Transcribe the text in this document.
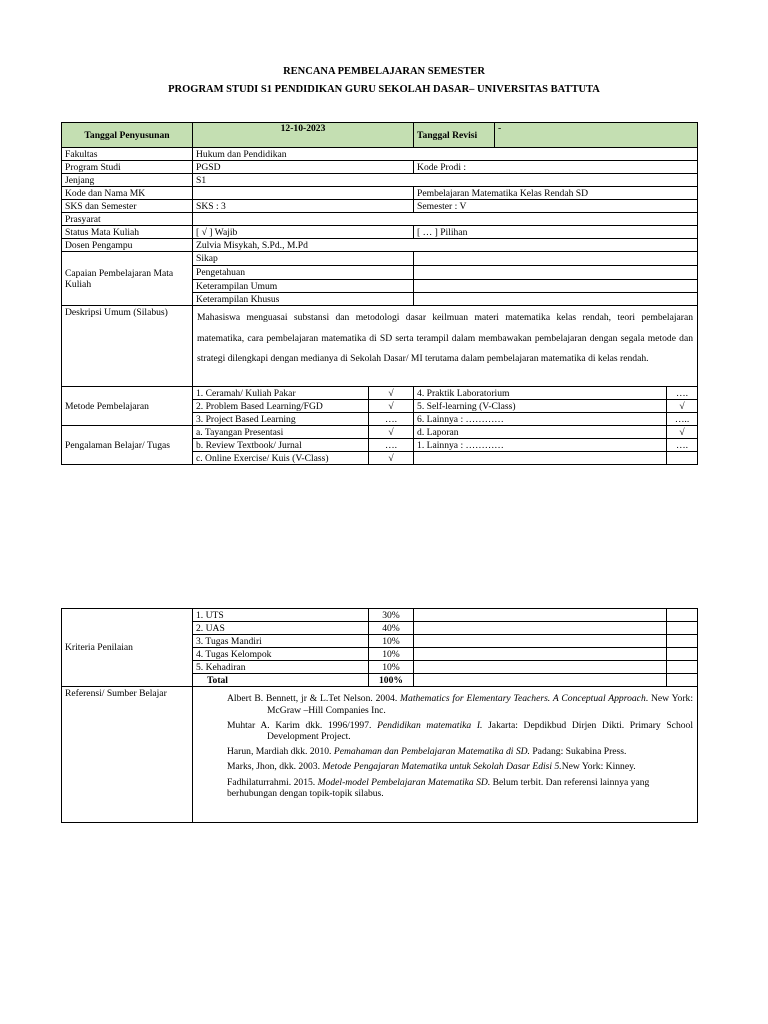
RENCANA PEMBELAJARAN SEMESTER
PROGRAM STUDI S1 PENDIDIKAN GURU SEKOLAH DASAR– UNIVERSITAS BATTUTA
Tanggal Penyusunan	12-10-2023		Tanggal Revisi	-	
Fakultas	Hukum dan Pendidikan				
Program Studi	PGSD		Kode Prodi :		
Jenjang	S1				
Kode dan Nama MK			Pembelajaran Matematika Kelas Rendah SD		
SKS dan Semester	SKS : 3		Semester : V		
Prasyarat					
Status Mata Kuliah	[ √ ] Wajib		[ … ] Pilihan		
Dosen Pengampu	Zulvia Misykah, S.Pd., M.Pd				
Capaian Pembelajaran Mata Kuliah	Sikap				
	Pengetahuan				
	Keterampilan Umum				
	Keterampilan Khusus				
Deskripsi Umum (Silabus)	Mahasiswa menguasai substansi dan metodologi dasar keilmuan materi matematika kelas rendah, teori pembelajaran matematika, cara pembelajaran matematika di SD serta terampil dalam membawakan pembelajaran dengan segala metode dan strategi dilengkapi dengan medianya di Sekolah Dasar/ MI terutama dalam pembelajaran matematika di kelas rendah.				
Metode Pembelajaran	1. Ceramah/ Kuliah Pakar	√	4. Praktik Laboratorium		….
	2. Problem Based Learning/FGD	√	5. Self-learning (V-Class)		√
	3. Project Based Learning	….	6. Lainnya : …………		…..
Pengalaman Belajar/ Tugas	a. Tayangan Presentasi	√	d. Laporan		√
	b. Review Textbook/ Jurnal	….	1. Lainnya : …………		….
	c. Online Exercise/ Kuis (V-Class)	√			
Kriteria Penilaian	1. UTS	30%		
	2. UAS	40%		
	3. Tugas Mandiri	10%		
	4. Tugas Kelompok	10%		
	5. Kehadiran	10%		
	Total	100%		
Referensi/ Sumber Belajar	Albert B. Bennett, jr & L.Tet Nelson. 2004. Mathematics for Elementary Teachers. A Conceptual Approach. New York: McGraw –Hill Companies Inc.
Muhtar A. Karim dkk. 1996/1997. Pendidikan matematika I. Jakarta: Depdikbud Dirjen Dikti. Primary School Development Project.
Harun, Mardiah dkk. 2010. Pemahaman dan Pembelajaran Matematika di SD. Padang: Sukabina Press.
Marks, Jhon, dkk. 2003. Metode Pengajaran Matematika untuk Sekolah Dasar Edisi 5.New York: Kinney.
Fadhilaturrahmi. 2015. Model-model Pembelajaran Matematika SD. Belum terbit. Dan referensi lainnya yang berhubungan dengan topik-topik silabus.			
